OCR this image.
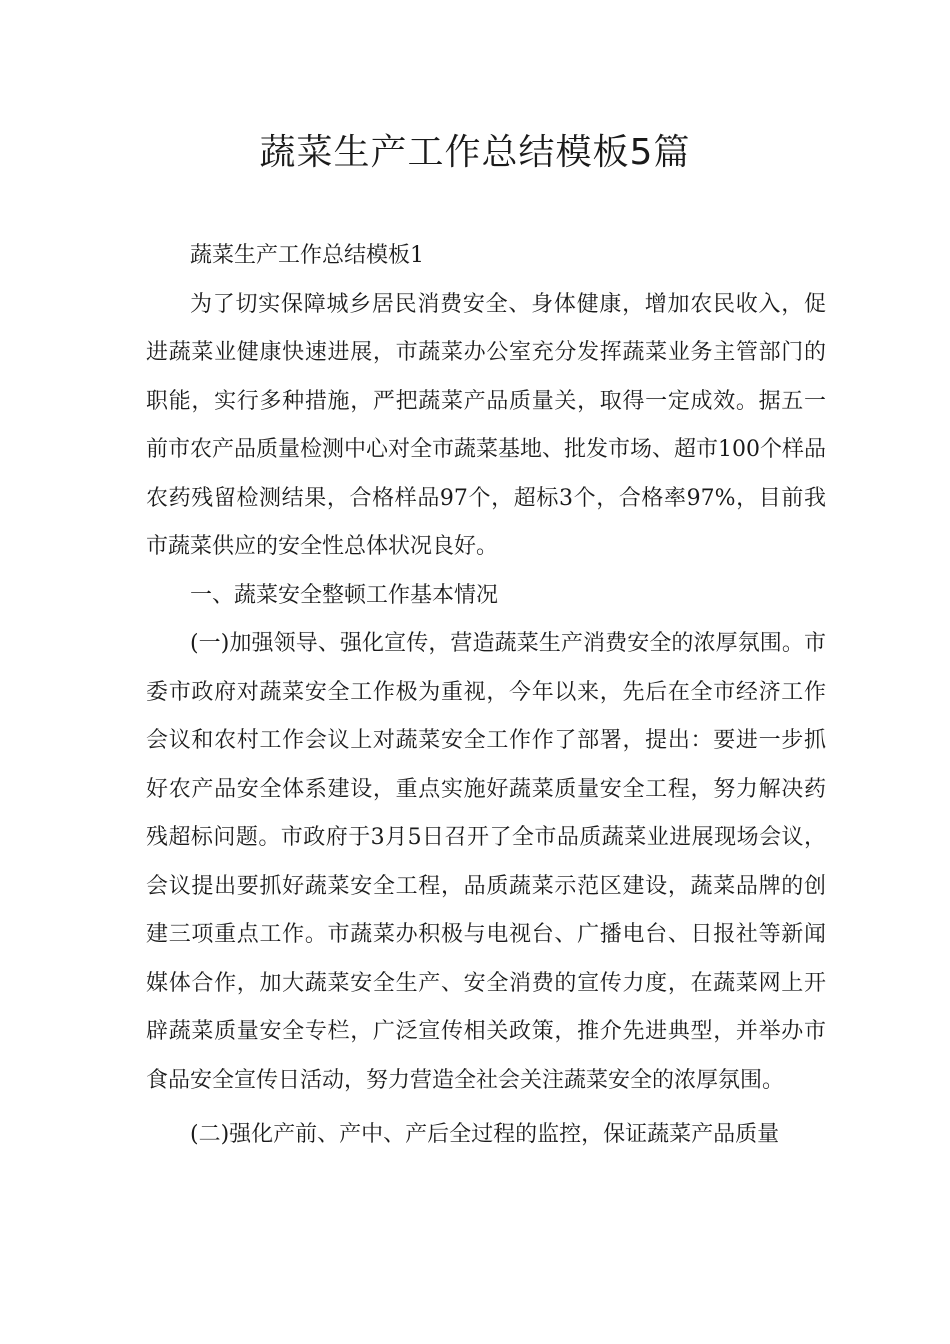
蔬菜生产工作总结模板5篇

蔬菜生产工作总结模板1

为了切实保障城乡居民消费安全、身体健康，增加农民收入，促进蔬菜业健康快速进展，市蔬菜办公室充分发挥蔬菜业务主管部门的职能，实行多种措施，严把蔬菜产品质量关，取得一定成效。据五一前市农产品质量检测中心对全市蔬菜基地、批发市场、超市100个样品农药残留检测结果，合格样品97个，超标3个，合格率97%，目前我市蔬菜供应的安全性总体状况良好。

一、蔬菜安全整顿工作基本情况

(一)加强领导、强化宣传，营造蔬菜生产消费安全的浓厚氛围。市委市政府对蔬菜安全工作极为重视，今年以来，先后在全市经济工作会议和农村工作会议上对蔬菜安全工作作了部署，提出：要进一步抓好农产品安全体系建设，重点实施好蔬菜质量安全工程，努力解决药残超标问题。市政府于3月5日召开了全市品质蔬菜业进展现场会议，会议提出要抓好蔬菜安全工程，品质蔬菜示范区建设，蔬菜品牌的创建三项重点工作。市蔬菜办积极与电视台、广播电台、日报社等新闻媒体合作，加大蔬菜安全生产、安全消费的宣传力度，在蔬菜网上开辟蔬菜质量安全专栏，广泛宣传相关政策，推介先进典型，并举办市食品安全宣传日活动，努力营造全社会关注蔬菜安全的浓厚氛围。

(二)强化产前、产中、产后全过程的监控，保证蔬菜产品质量
